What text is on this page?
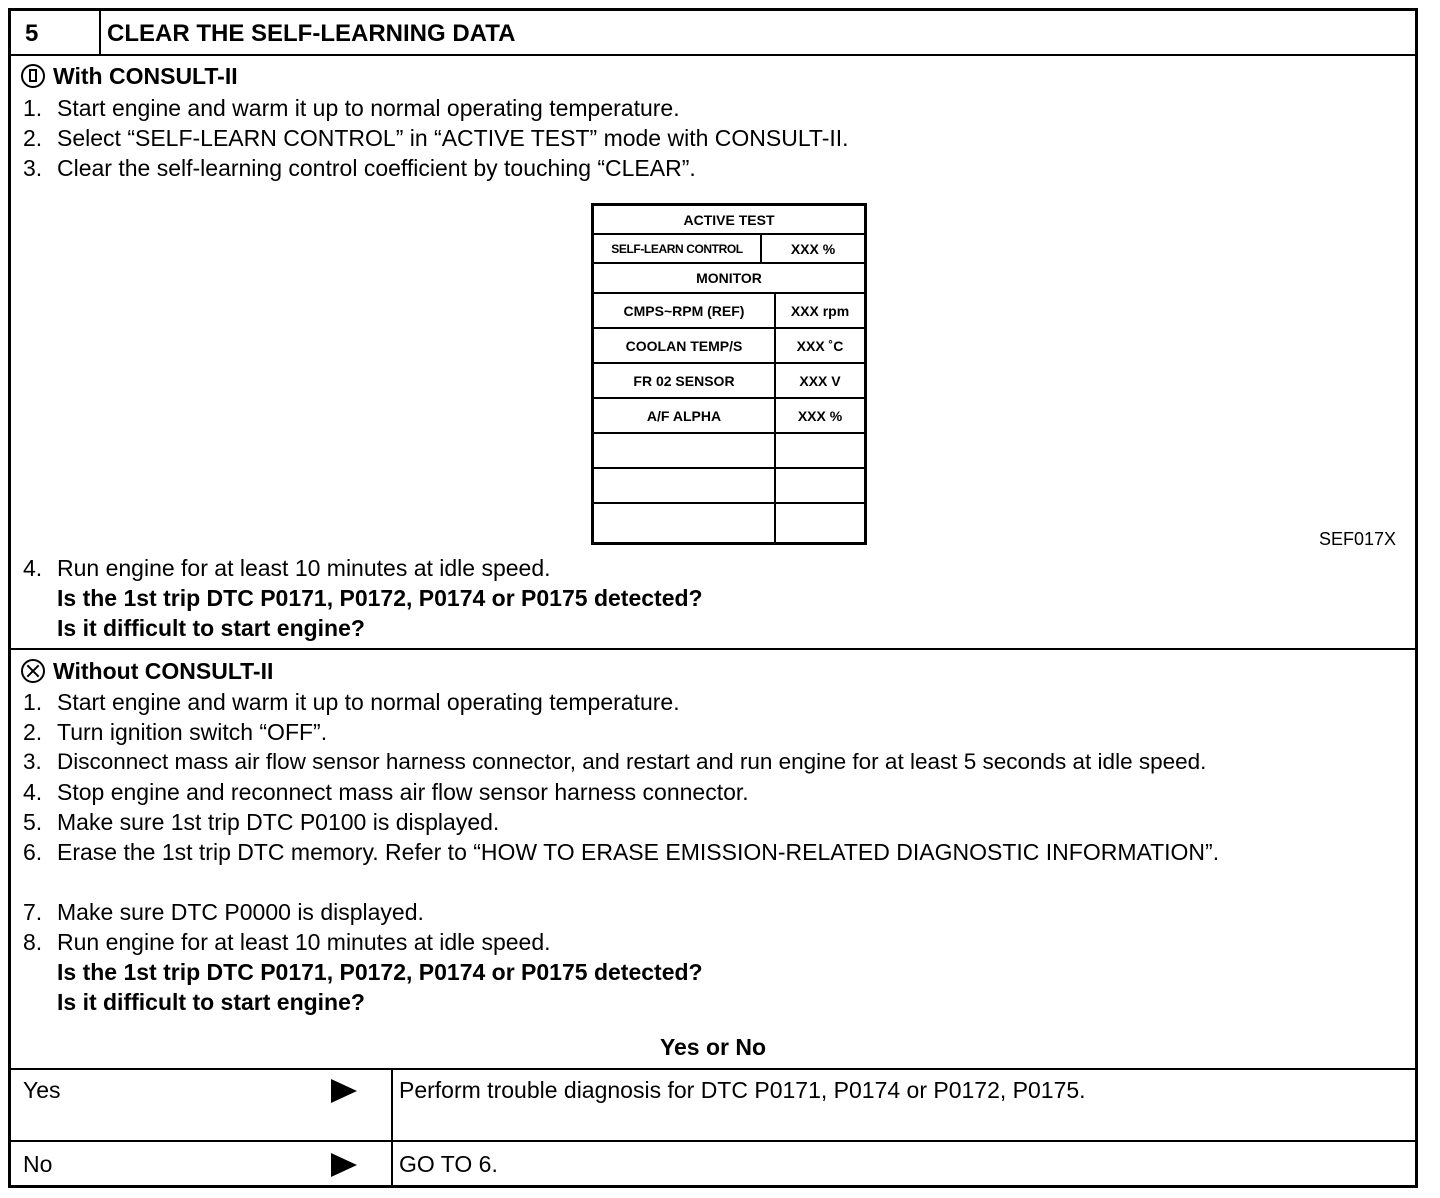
5	CLEAR THE SELF-LEARNING DATA
With CONSULT-II
1. Start engine and warm it up to normal operating temperature.
2. Select “SELF-LEARN CONTROL” in “ACTIVE TEST” mode with CONSULT-II.
3. Clear the self-learning control coefficient by touching “CLEAR”.
ACTIVE TEST
SELF-LEARN CONTROL	XXX %
MONITOR
CMPS~RPM (REF)	XXX rpm
COOLAN TEMP/S	XXX ˚C
FR 02 SENSOR	XXX V
A/F ALPHA	XXX %
SEF017X
4. Run engine for at least 10 minutes at idle speed.
Is the 1st trip DTC P0171, P0172, P0174 or P0175 detected?
Is it difficult to start engine?
Without CONSULT-II
1. Start engine and warm it up to normal operating temperature.
2. Turn ignition switch “OFF”.
3. Disconnect mass air flow sensor harness connector, and restart and run engine for at least 5 seconds at idle speed.
4. Stop engine and reconnect mass air flow sensor harness connector.
5. Make sure 1st trip DTC P0100 is displayed.
6. Erase the 1st trip DTC memory. Refer to “HOW TO ERASE EMISSION-RELATED DIAGNOSTIC INFORMATION”.
7. Make sure DTC P0000 is displayed.
8. Run engine for at least 10 minutes at idle speed.
Is the 1st trip DTC P0171, P0172, P0174 or P0175 detected?
Is it difficult to start engine?
Yes or No
Yes	Perform trouble diagnosis for DTC P0171, P0174 or P0172, P0175.
No	GO TO 6.
